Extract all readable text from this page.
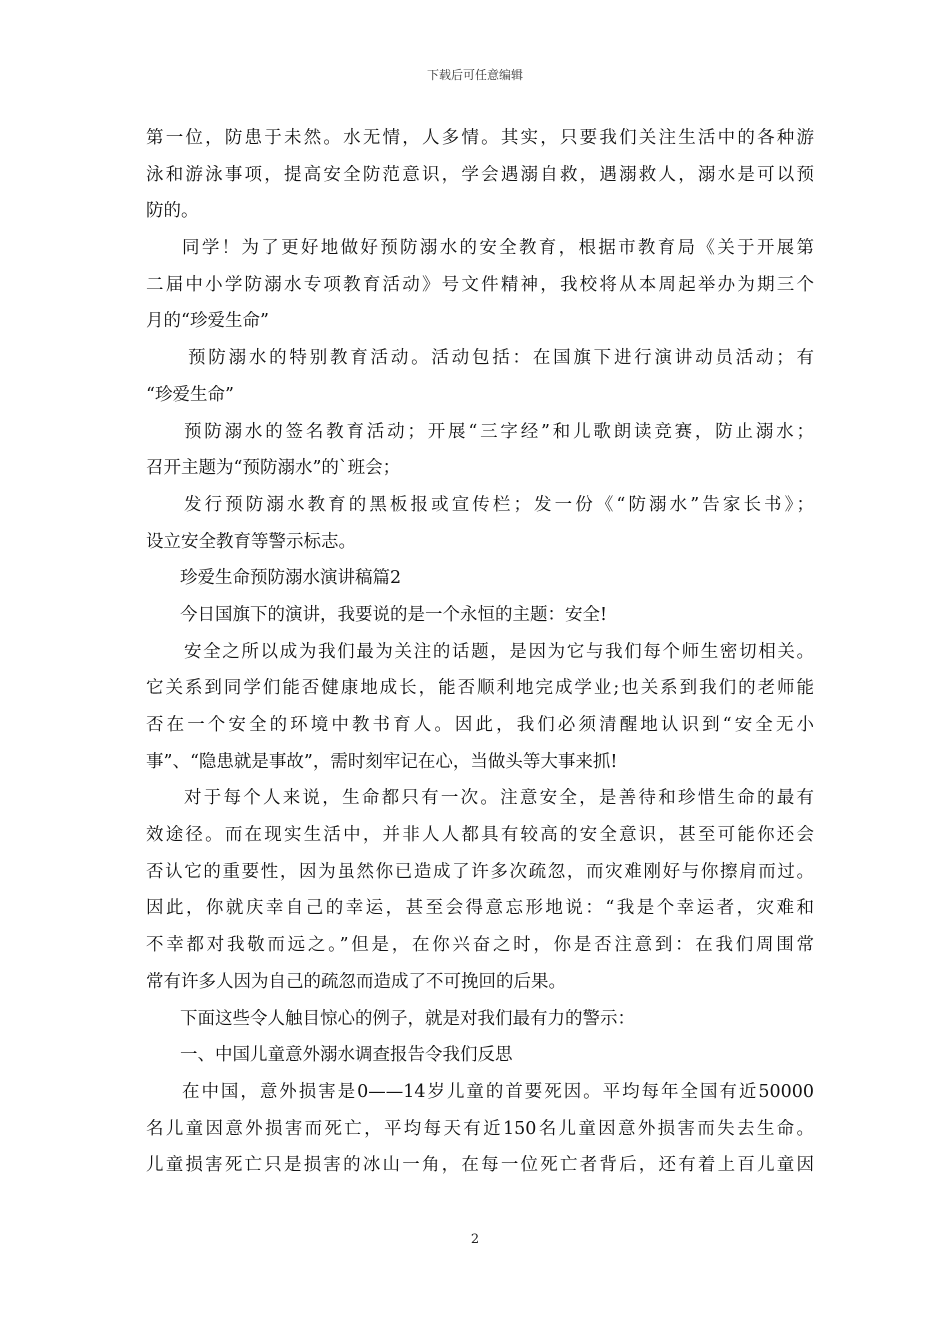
下载后可任意编辑
第一位，防患于未然。水无情，人多情。其实，只要我们关注生活中的各种游
泳和游泳事项，提高安全防范意识，学会遇溺自救，遇溺救人，溺水是可以预
防的。
同学！为了更好地做好预防溺水的安全教育，根据市教育局《关于开展第
二届中小学防溺水专项教育活动》号文件精神，我校将从本周起举办为期三个
月的“珍爱生命”
预防溺水的特别教育活动。活动包括：在国旗下进行演讲动员活动；有
“珍爱生命”
预防溺水的签名教育活动；开展“三字经”和儿歌朗读竞赛，防止溺水；
召开主题为“预防溺水”的`班会；
发行预防溺水教育的黑板报或宣传栏；发一份《“防溺水”告家长书》；
设立安全教育等警示标志。
珍爱生命预防溺水演讲稿篇2
今日国旗下的演讲，我要说的是一个永恒的主题：安全!
安全之所以成为我们最为关注的话题，是因为它与我们每个师生密切相关。
它关系到同学们能否健康地成长，能否顺利地完成学业;也关系到我们的老师能
否在一个安全的环境中教书育人。因此，我们必须清醒地认识到“安全无小
事”、“隐患就是事故”，需时刻牢记在心，当做头等大事来抓!
对于每个人来说，生命都只有一次。注意安全，是善待和珍惜生命的最有
效途径。而在现实生活中，并非人人都具有较高的安全意识，甚至可能你还会
否认它的重要性，因为虽然你已造成了许多次疏忽，而灾难刚好与你擦肩而过。
因此，你就庆幸自己的幸运，甚至会得意忘形地说：“我是个幸运者，灾难和
不幸都对我敬而远之。”但是，在你兴奋之时，你是否注意到：在我们周围常
常有许多人因为自己的疏忽而造成了不可挽回的后果。
下面这些令人触目惊心的例子，就是对我们最有力的警示：
一、中国儿童意外溺水调查报告令我们反思
在中国，意外损害是0——14岁儿童的首要死因。平均每年全国有近50000
名儿童因意外损害而死亡，平均每天有近150名儿童因意外损害而失去生命。
儿童损害死亡只是损害的冰山一角，在每一位死亡者背后，还有着上百儿童因
2
